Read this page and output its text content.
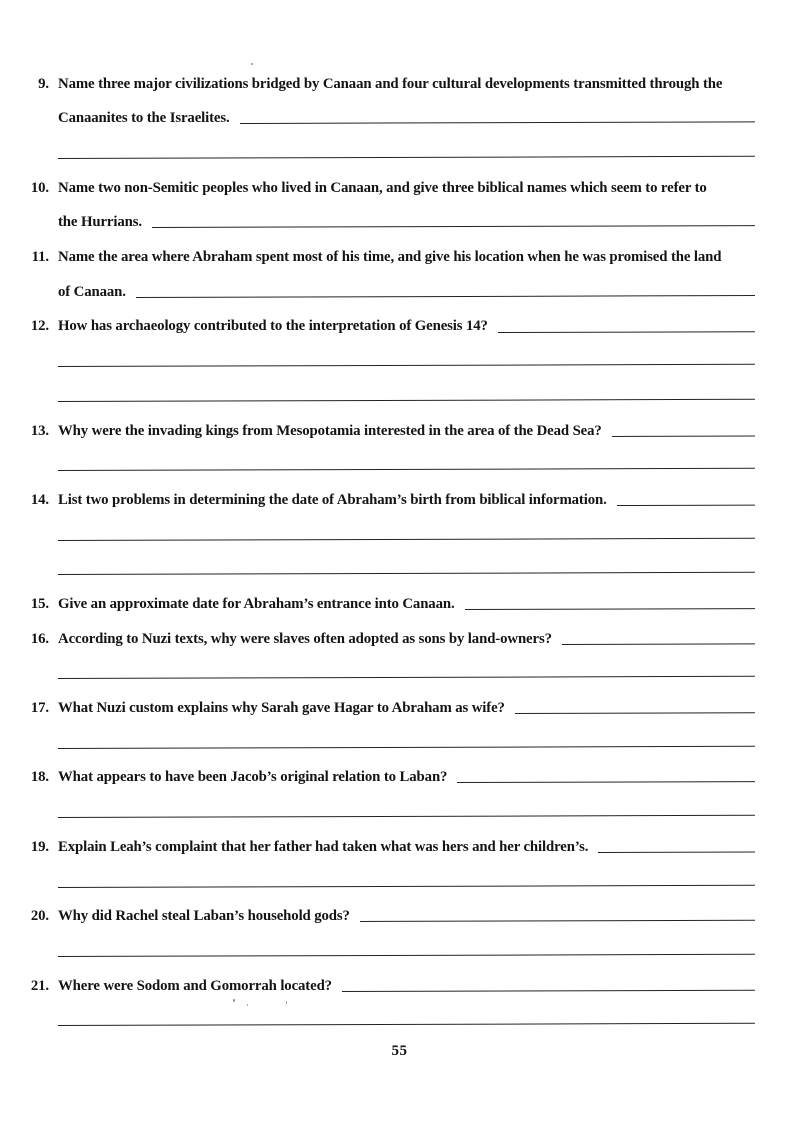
9. Name three major civilizations bridged by Canaan and four cultural developments transmitted through the
Canaanites to the Israelites.
10. Name two non-Semitic peoples who lived in Canaan, and give three biblical names which seem to refer to
the Hurrians.
11. Name the area where Abraham spent most of his time, and give his location when he was promised the land
of Canaan.
12. How has archaeology contributed to the interpretation of Genesis 14?
13. Why were the invading kings from Mesopotamia interested in the area of the Dead Sea?
14. List two problems in determining the date of Abraham’s birth from biblical information.
15. Give an approximate date for Abraham’s entrance into Canaan.
16. According to Nuzi texts, why were slaves often adopted as sons by land-owners?
17. What Nuzi custom explains why Sarah gave Hagar to Abraham as wife?
18. What appears to have been Jacob’s original relation to Laban?
19. Explain Leah’s complaint that her father had taken what was hers and her children’s.
20. Why did Rachel steal Laban’s household gods?
21. Where were Sodom and Gomorrah located?
55
